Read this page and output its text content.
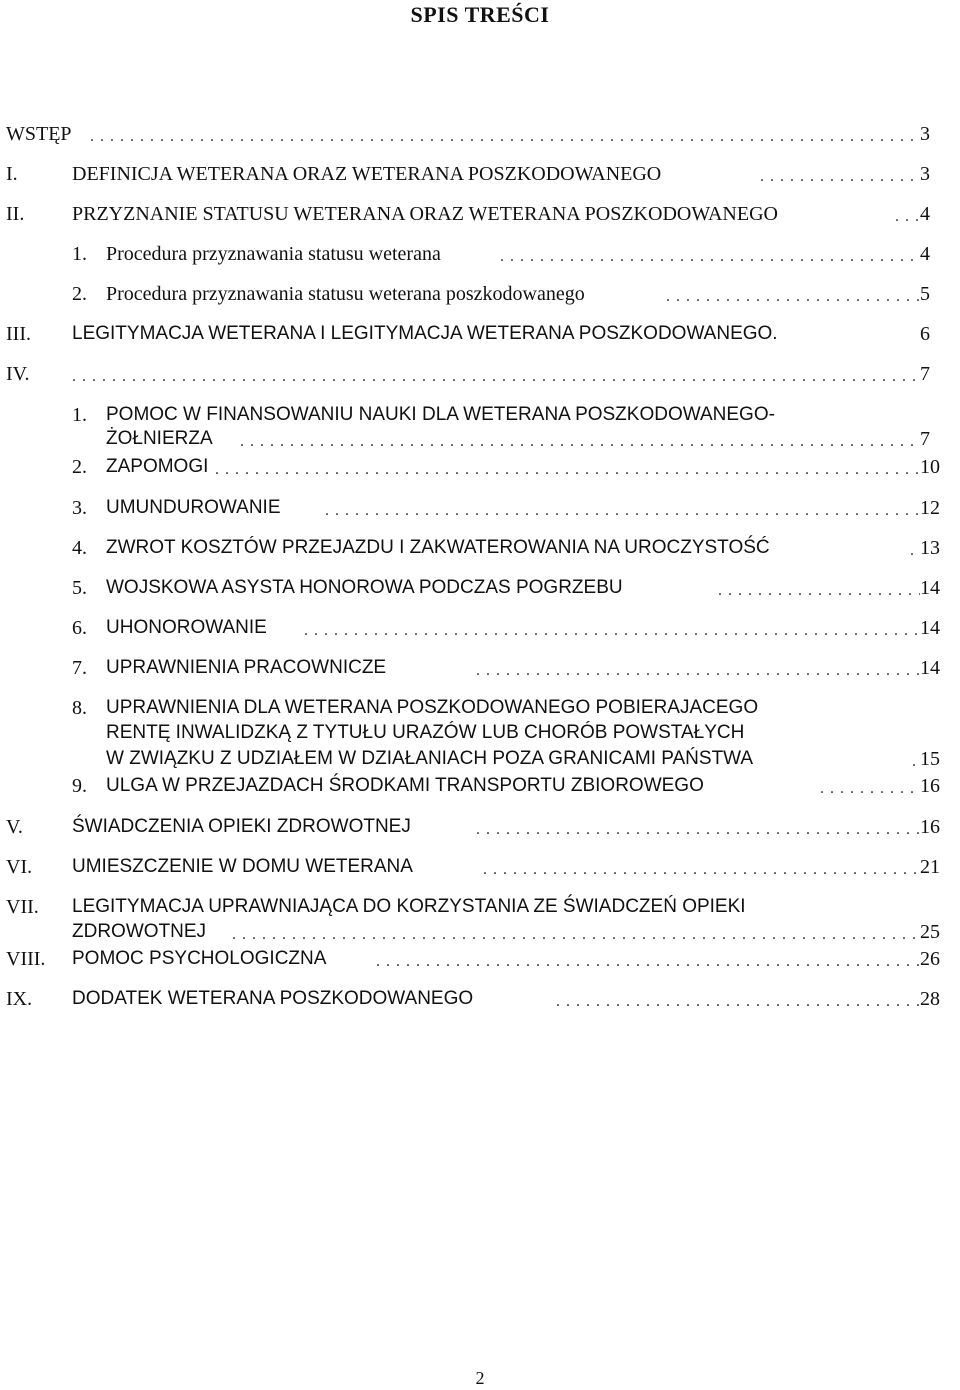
SPIS TREŚCI
WSTĘP . . .	3
I.	DEFINICJA WETERANA ORAZ WETERANA POSZKODOWANEGO . . .	3
II. PRZYZNANIE STATUSU WETERANA ORAZ WETERANA POSZKODOWANEGO . . .	4
1. Procedura przyznawania statusu weterana . . .	4
2. Procedura przyznawania statusu weterana poszkodowanego . . .	5
III. LEGITYMACJA WETERANA I LEGITYMACJA WETERANA POSZKODOWANEGO.	6
IV. . . .	7
1. POMOC W FINANSOWANIU NAUKI DLA WETERANA POSZKODOWANEGO-
ŻOŁNIERZA . . .	7
2. ZAPOMOGI . . .	10
3. UMUNDUROWANIE . . .	12
4. ZWROT KOSZTÓW PRZEJAZDU I ZAKWATEROWANIA NA UROCZYSTOŚĆ . . .	13
5. WOJSKOWA ASYSTA HONOROWA PODCZAS POGRZEBU . . .	14
6. UHONOROWANIE . . .	14
7. UPRAWNIENIA PRACOWNICZE . . .	14
8. UPRAWNIENIA DLA WETERANA POSZKODOWANEGO POBIERAJACEGO
RENTĘ INWALIDZKĄ Z TYTUŁU URAZÓW LUB CHORÓB POWSTAŁYCH
W ZWIĄZKU Z UDZIAŁEM W DZIAŁANIACH POZA GRANICAMI PAŃSTWA . . .	15
9. ULGA W PRZEJAZDACH ŚRODKAMI TRANSPORTU ZBIOROWEGO . . .	16
V.	ŚWIADCZENIA OPIEKI ZDROWOTNEJ . . .	16
VI. UMIESZCZENIE W DOMU WETERANA . . .	21
VII. LEGITYMACJA UPRAWNIAJĄCA DO KORZYSTANIA ZE ŚWIADCZEŃ OPIEKI
ZDROWOTNEJ . . .	25
VIII. POMOC PSYCHOLOGICZNA . . .	26
IX. DODATEK WETERANA POSZKODOWANEGO . . .	28
2
